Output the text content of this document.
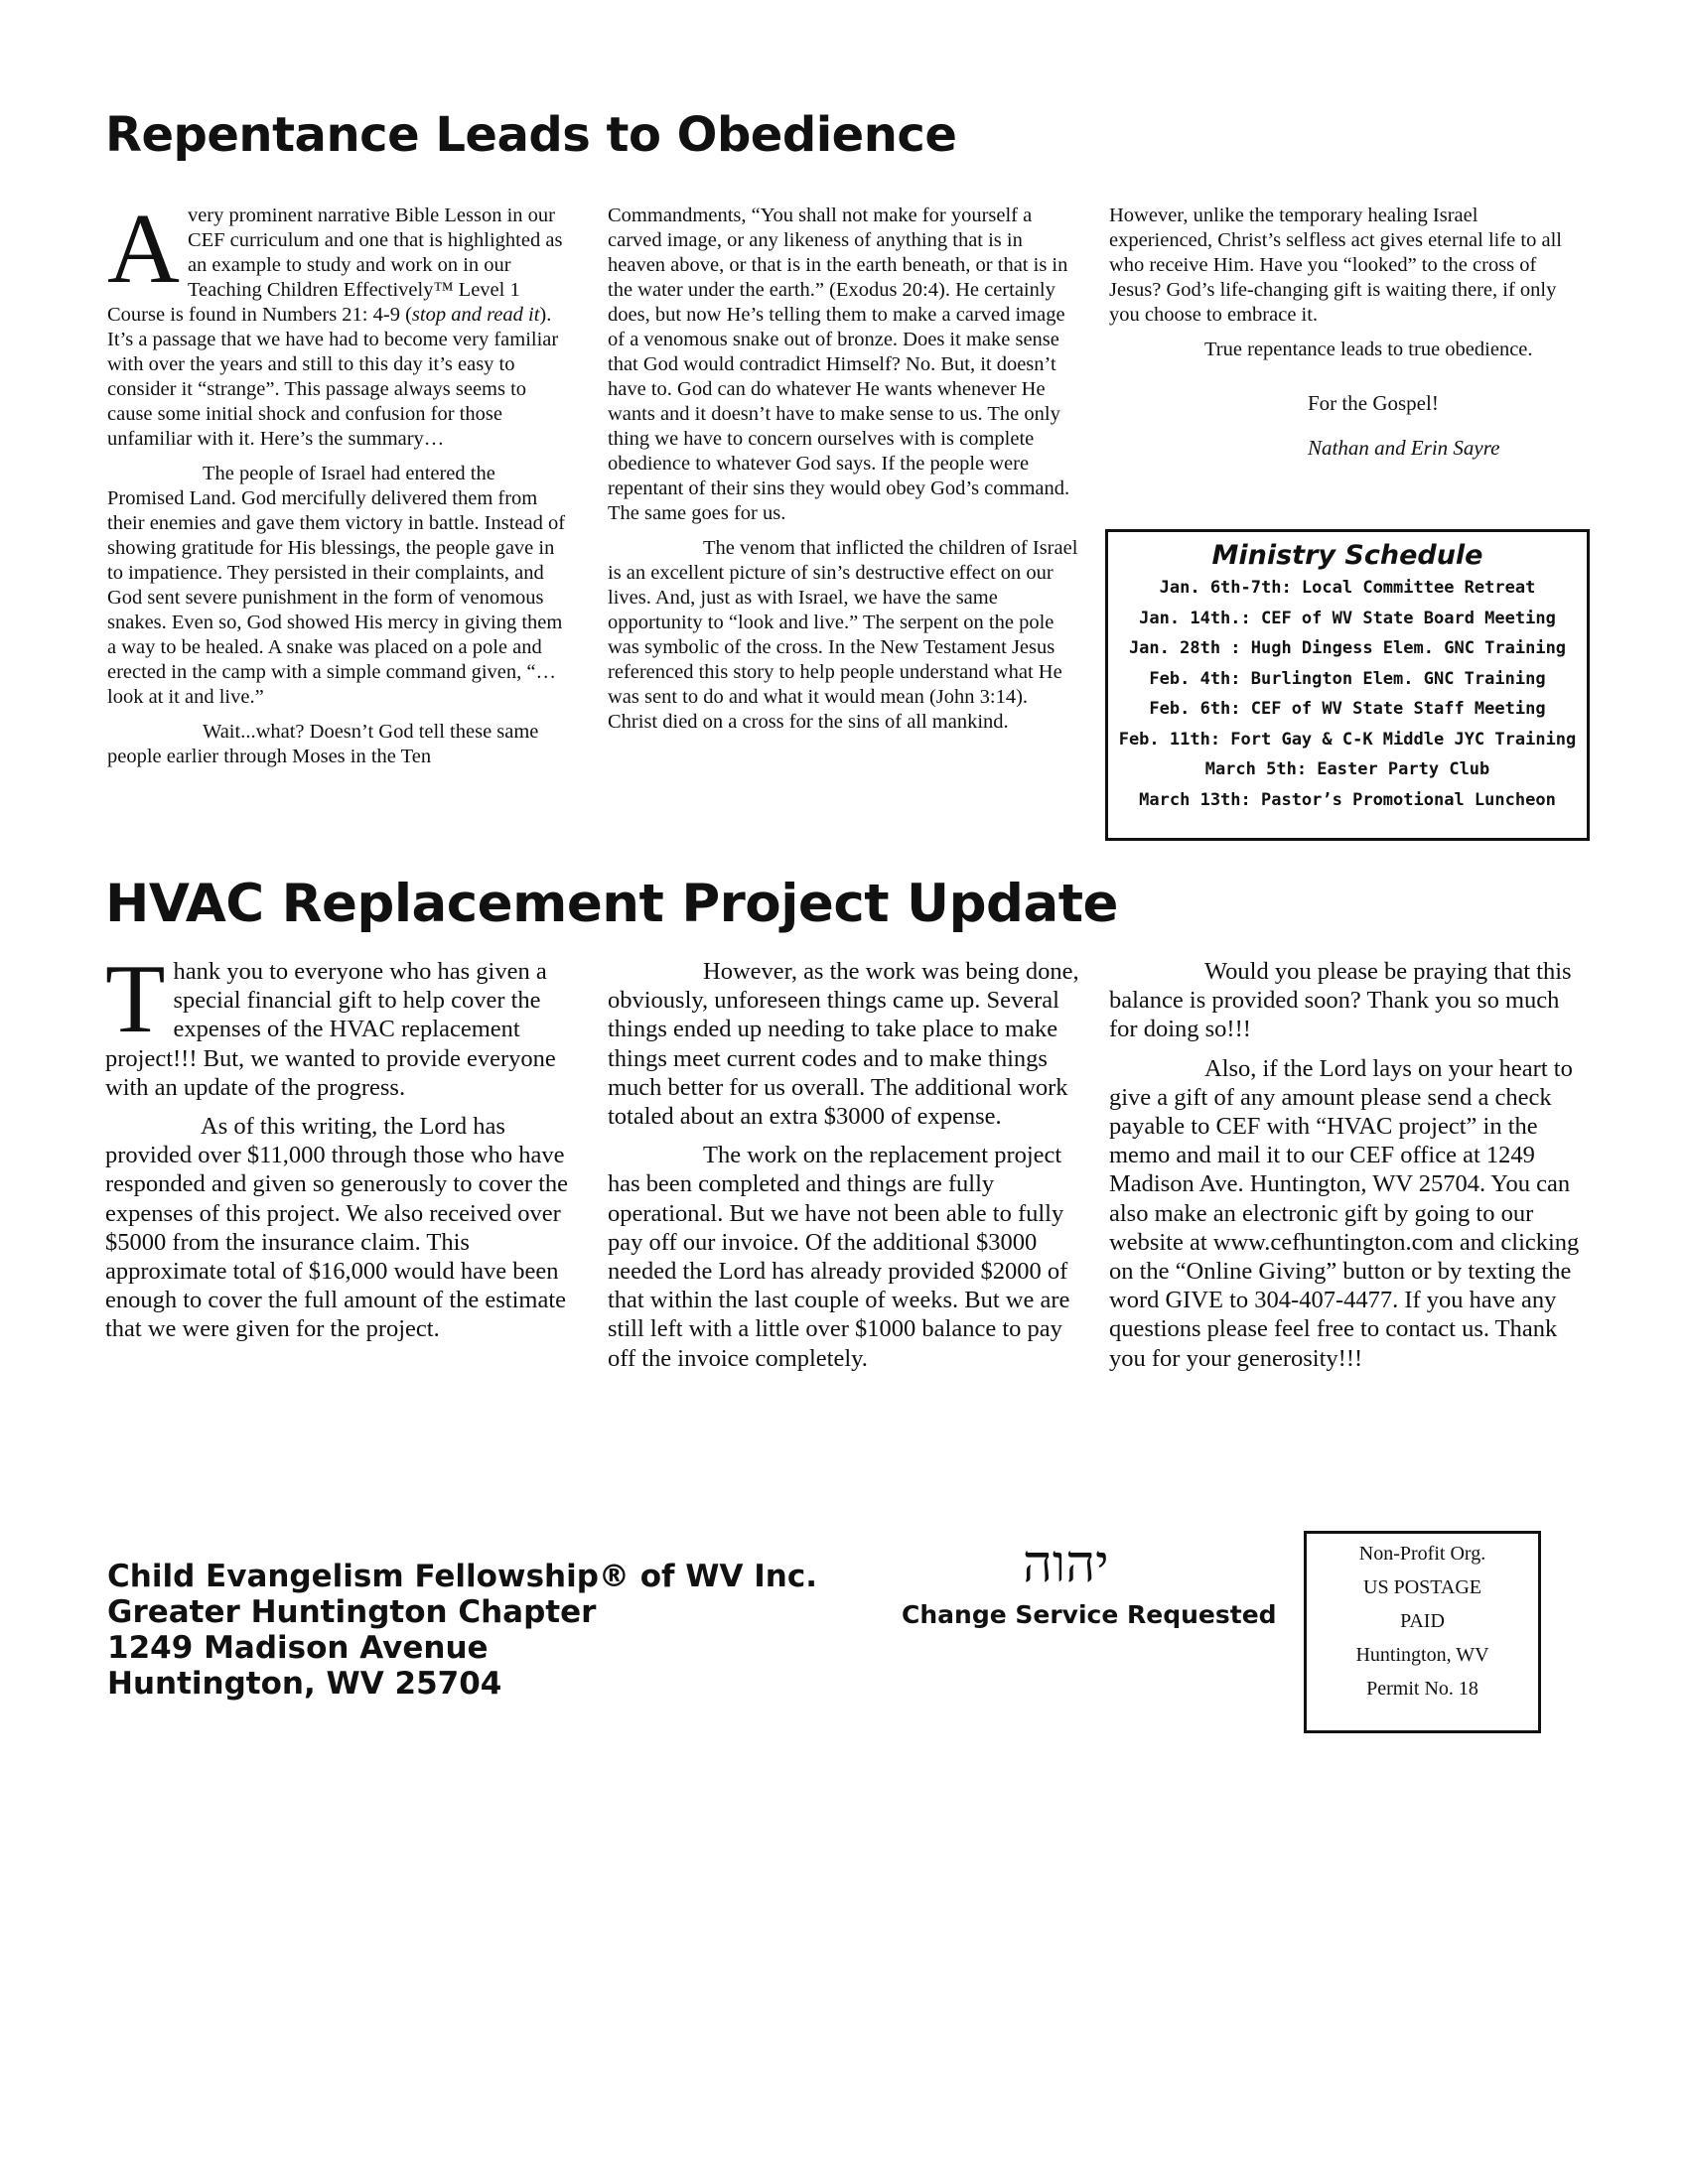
Repentance Leads to Obedience

Avery prominent narrative Bible Lesson in our CEF curriculum and one that is highlighted as an example to study and work on in our Teaching Children Effectively™ Level 1 Course is found in Numbers 21: 4-9 (stop and read it). It’s a passage that we have had to become very familiar with over the years and still to this day it’s easy to consider it “strange”. This passage always seems to cause some initial shock and confusion for those unfamiliar with it. Here’s the summary…

The people of Israel had entered the Promised Land. God mercifully delivered them from their enemies and gave them victory in battle. Instead of showing gratitude for His blessings, the people gave in to impatience. They persisted in their complaints, and God sent severe punishment in the form of venomous snakes. Even so, God showed His mercy in giving them a way to be healed. A snake was placed on a pole and erected in the camp with a simple command given, “…look at it and live.”

Wait...what? Doesn’t God tell these same people earlier through Moses in the Ten

Commandments, “You shall not make for yourself a carved image, or any likeness of anything that is in heaven above, or that is in the earth beneath, or that is in the water under the earth.” (Exodus 20:4). He certainly does, but now He’s telling them to make a carved image of a venomous snake out of bronze. Does it make sense that God would contradict Himself? No. But, it doesn’t have to. God can do whatever He wants whenever He wants and it doesn’t have to make sense to us. The only thing we have to concern ourselves with is complete obedience to whatever God says. If the people were repentant of their sins they would obey God’s command. The same goes for us.

The venom that inflicted the children of Israel is an excellent picture of sin’s destructive effect on our lives. And, just as with Israel, we have the same opportunity to “look and live.” The serpent on the pole was symbolic of the cross. In the New Testament Jesus referenced this story to help people understand what He was sent to do and what it would mean (John 3:14). Christ died on a cross for the sins of all mankind.

However, unlike the temporary healing Israel experienced, Christ’s selfless act gives eternal life to all who receive Him. Have you “looked” to the cross of Jesus? God’s life-changing gift is waiting there, if only you choose to embrace it.

True repentance leads to true obedience.

For the Gospel!

Nathan and Erin Sayre

Ministry Schedule
Jan. 6th-7th: Local Committee Retreat
Jan. 14th.: CEF of WV State Board Meeting
Jan. 28th : Hugh Dingess Elem. GNC Training
Feb. 4th: Burlington Elem. GNC Training
Feb. 6th: CEF of WV State Staff Meeting
Feb. 11th: Fort Gay & C-K Middle JYC Training
March 5th: Easter Party Club
March 13th: Pastor’s Promotional Luncheon
HVAC Replacement Project Update

Thank you to everyone who has given a special financial gift to help cover the expenses of the HVAC replacement project!!! But, we wanted to provide everyone with an update of the progress.

As of this writing, the Lord has provided over $11,000 through those who have responded and given so generously to cover the expenses of this project. We also received over $5000 from the insurance claim. This approximate total of $16,000 would have been enough to cover the full amount of the estimate that we were given for the project.

However, as the work was being done, obviously, unforeseen things came up. Several things ended up needing to take place to make things meet current codes and to make things much better for us overall. The additional work totaled about an extra $3000 of expense.

The work on the replacement project has been completed and things are fully operational. But we have not been able to fully pay off our invoice. Of the additional $3000 needed the Lord has already provided $2000 of that within the last couple of weeks. But we are still left with a little over $1000 balance to pay off the invoice completely.

Would you please be praying that this balance is provided soon? Thank you so much for doing so!!!

Also, if the Lord lays on your heart to give a gift of any amount please send a check payable to CEF with “HVAC project” in the memo and mail it to our CEF office at 1249 Madison Ave. Huntington, WV 25704. You can also make an electronic gift by going to our website at www.cefhuntington.com and clicking on the “Online Giving” button or by texting the word GIVE to 304-407-4477. If you have any questions please feel free to contact us. Thank you for your generosity!!!

Child Evangelism Fellowship® of WV Inc.
Greater Huntington Chapter
1249 Madison Avenue
Huntington, WV 25704
יהוה
Change Service Requested
Non-Profit Org.
US POSTAGE
PAID
Huntington, WV
Permit No. 18
